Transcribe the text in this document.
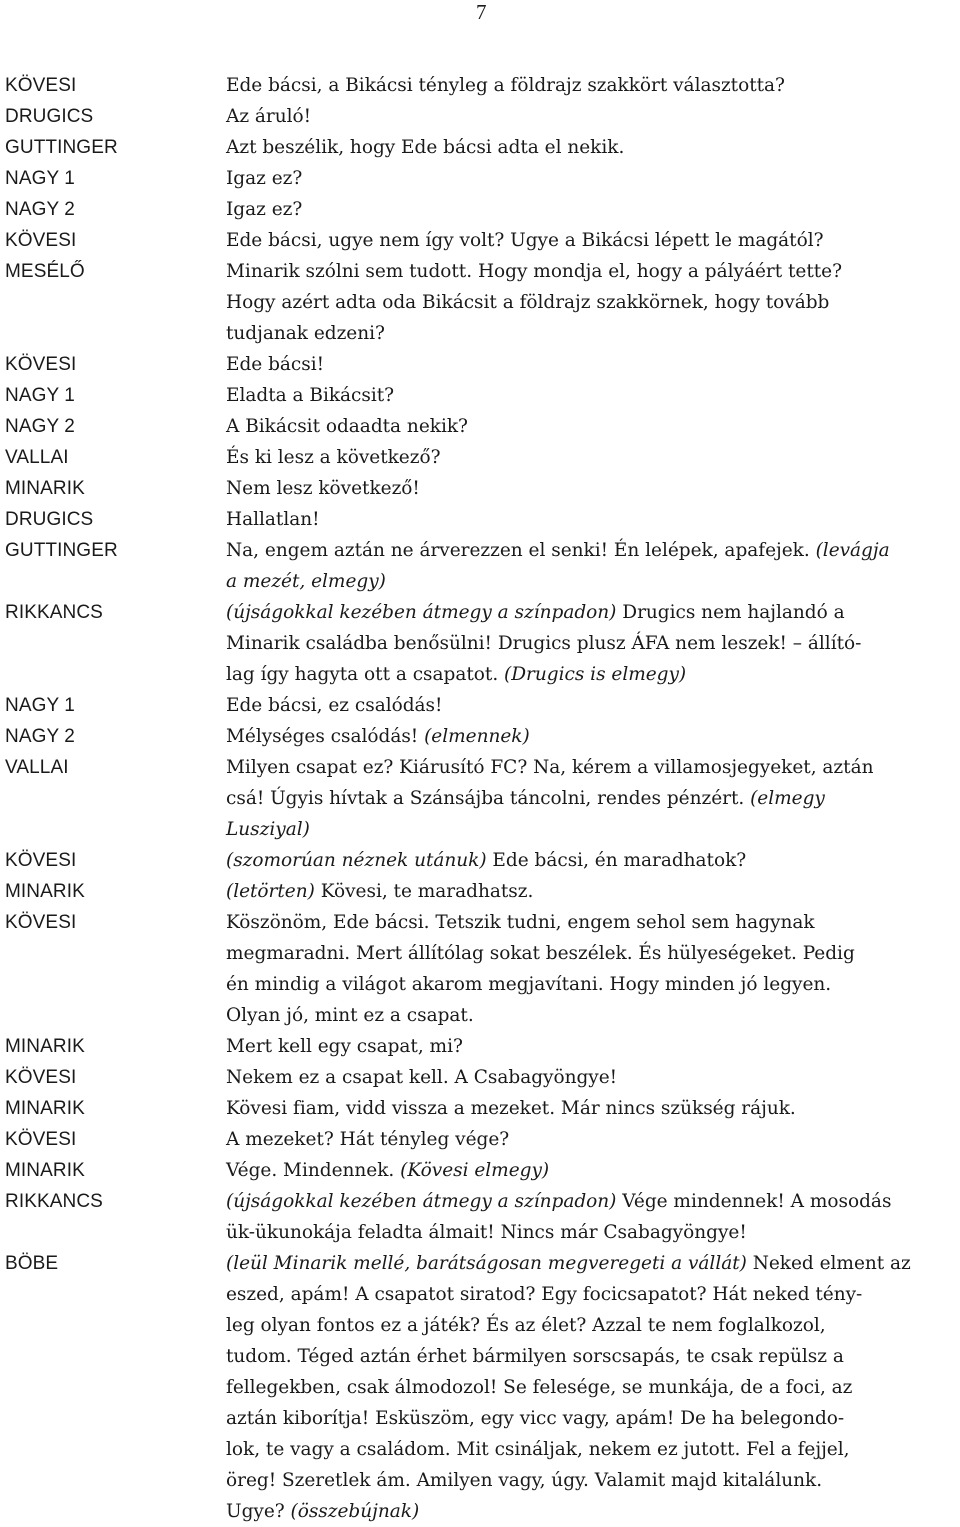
7
KÖVESI	Ede bácsi, a Bikácsi tényleg a földrajz szakkört választotta?
DRUGICS	Az áruló!
GUTTINGER	Azt beszélik, hogy Ede bácsi adta el nekik.
NAGY 1	Igaz ez?
NAGY 2	Igaz ez?
KÖVESI	Ede bácsi, ugye nem így volt? Ugye a Bikácsi lépett le magától?
MESÉLŐ	Minarik szólni sem tudott. Hogy mondja el, hogy a pályáért tette?
Hogy azért adta oda Bikácsit a földrajz szakkörnek, hogy tovább
tudjanak edzeni?
KÖVESI	Ede bácsi!
NAGY 1	Eladta a Bikácsit?
NAGY 2	A Bikácsit odaadta nekik?
VALLAI	És ki lesz a következő?
MINARIK	Nem lesz következő!
DRUGICS	Hallatlan!
GUTTINGER	Na, engem aztán ne árverezzen el senki! Én lelépek, apafejek. (levágja
a mezét, elmegy)
RIKKANCS	(újságokkal kezében átmegy a színpadon) Drugics nem hajlandó a
Minarik családba benősülni! Drugics plusz ÁFA nem leszek! – állító-
lag így hagyta ott a csapatot. (Drugics is elmegy)
NAGY 1	Ede bácsi, ez csalódás!
NAGY 2	Mélységes csalódás! (elmennek)
VALLAI	Milyen csapat ez? Kiárusító FC? Na, kérem a villamosjegyeket, aztán
csá! Úgyis hívtak a Szánsájba táncolni, rendes pénzért. (elmegy
Lusziyal)
KÖVESI	(szomorúan néznek utánuk) Ede bácsi, én maradhatok?
MINARIK	(letörten) Kövesi, te maradhatsz.
KÖVESI	Köszönöm, Ede bácsi. Tetszik tudni, engem sehol sem hagynak
megmaradni. Mert állítólag sokat beszélek. És hülyeségeket. Pedig
én mindig a világot akarom megjavítani. Hogy minden jó legyen.
Olyan jó, mint ez a csapat.
MINARIK	Mert kell egy csapat, mi?
KÖVESI	Nekem ez a csapat kell. A Csabagyöngye!
MINARIK	Kövesi fiam, vidd vissza a mezeket. Már nincs szükség rájuk.
KÖVESI	A mezeket? Hát tényleg vége?
MINARIK	Vége. Mindennek. (Kövesi elmegy)
RIKKANCS	(újságokkal kezében átmegy a színpadon) Vége mindennek! A mosodás
ük-ükunokája feladta álmait! Nincs már Csabagyöngye!
BÖBE	(leül Minarik mellé, barátságosan megveregeti a vállát) Neked elment az
eszed, apám! A csapatot siratod? Egy focicsapatot? Hát neked tény-
leg olyan fontos ez a játék? És az élet? Azzal te nem foglalkozol,
tudom. Téged aztán érhet bármilyen sorscsapás, te csak repülsz a
fellegekben, csak álmodozol! Se felesége, se munkája, de a foci, az
aztán kiborítja! Esküszöm, egy vicc vagy, apám! De ha belegondo-
lok, te vagy a családom. Mit csináljak, nekem ez jutott. Fel a fejjel,
öreg! Szeretlek ám. Amilyen vagy, úgy. Valamit majd kitalálunk.
Ugye? (összebújnak)
